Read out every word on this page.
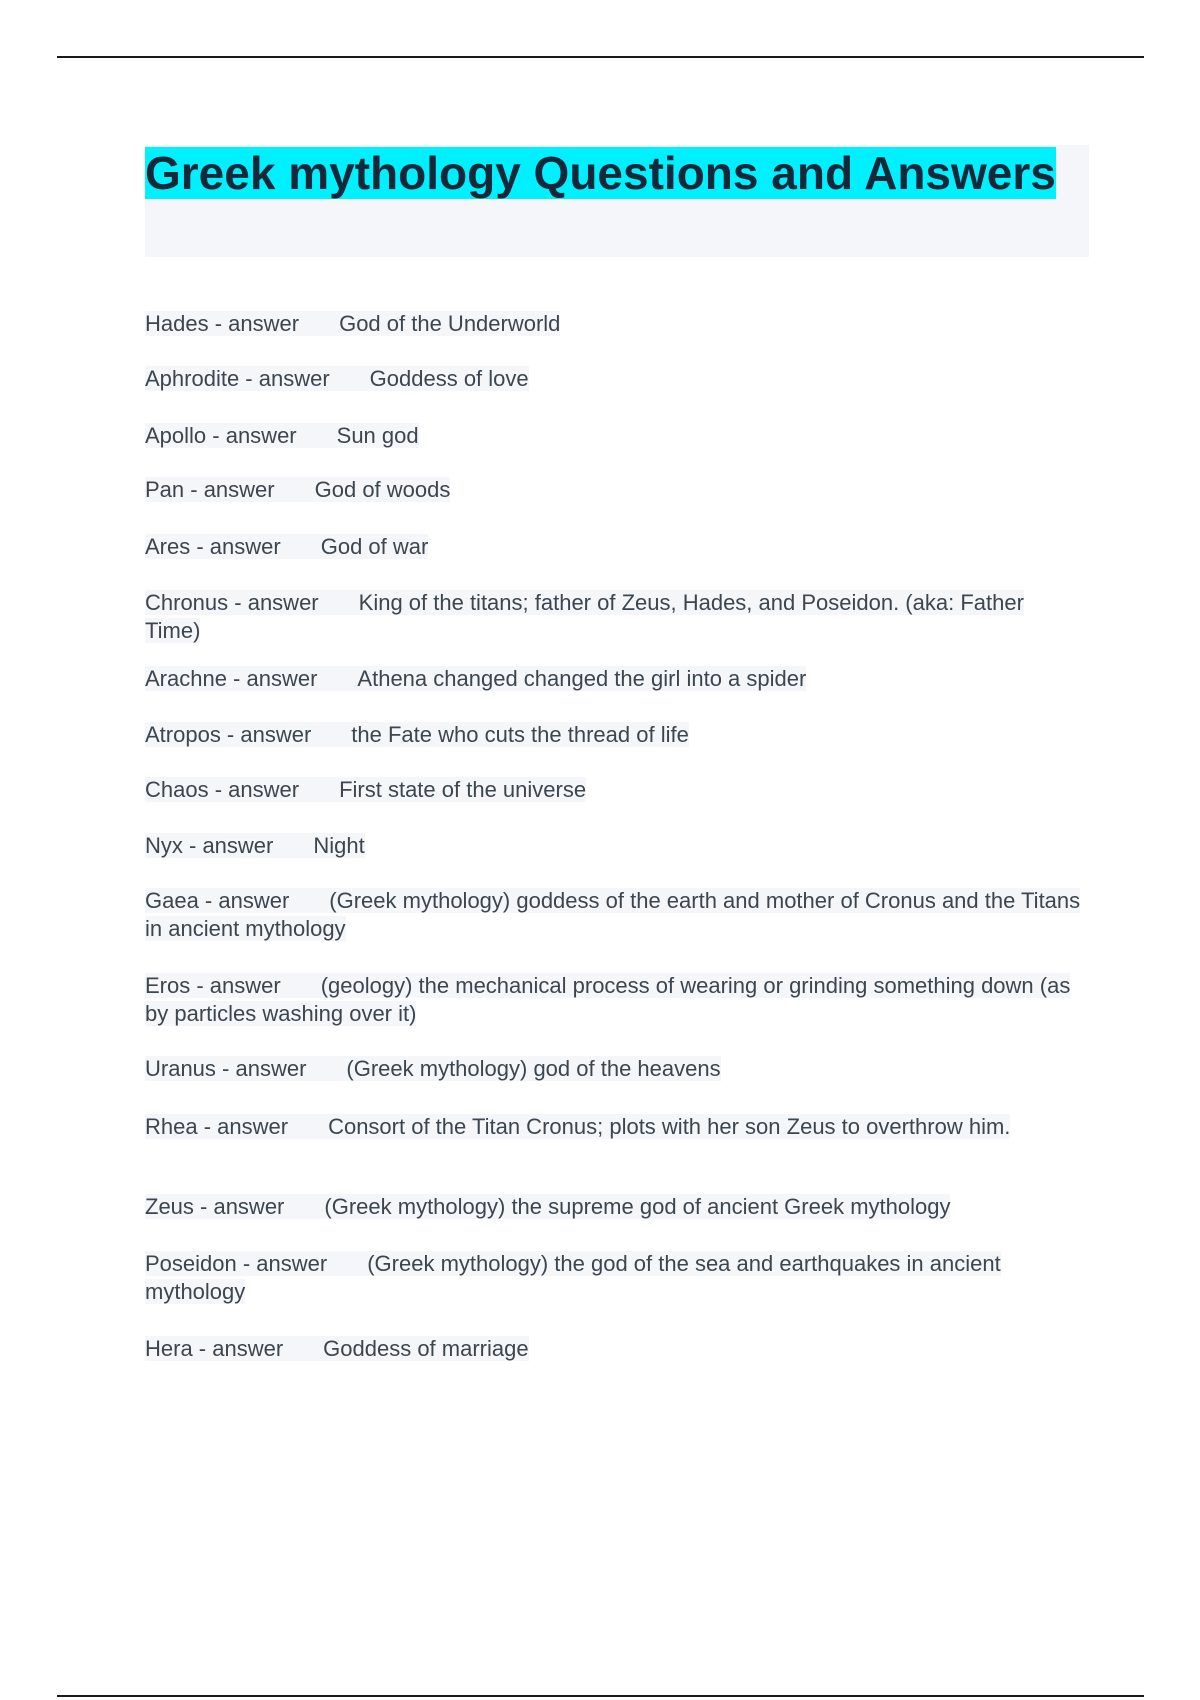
Greek mythology Questions and Answers
Hades - answer God of the Underworld
Aphrodite - answer Goddess of love
Apollo - answer Sun god
Pan - answer God of woods
Ares - answer God of war
Chronus - answer King of the titans; father of Zeus, Hades, and Poseidon. (aka: Father Time)
Arachne - answer Athena changed changed the girl into a spider
Atropos - answer the Fate who cuts the thread of life
Chaos - answer First state of the universe
Nyx - answer Night
Gaea - answer (Greek mythology) goddess of the earth and mother of Cronus and the Titans in ancient mythology
Eros - answer (geology) the mechanical process of wearing or grinding something down (as by particles washing over it)
Uranus - answer (Greek mythology) god of the heavens
Rhea - answer Consort of the Titan Cronus; plots with her son Zeus to overthrow him.
Zeus - answer (Greek mythology) the supreme god of ancient Greek mythology
Poseidon - answer (Greek mythology) the god of the sea and earthquakes in ancient mythology
Hera - answer Goddess of marriage
